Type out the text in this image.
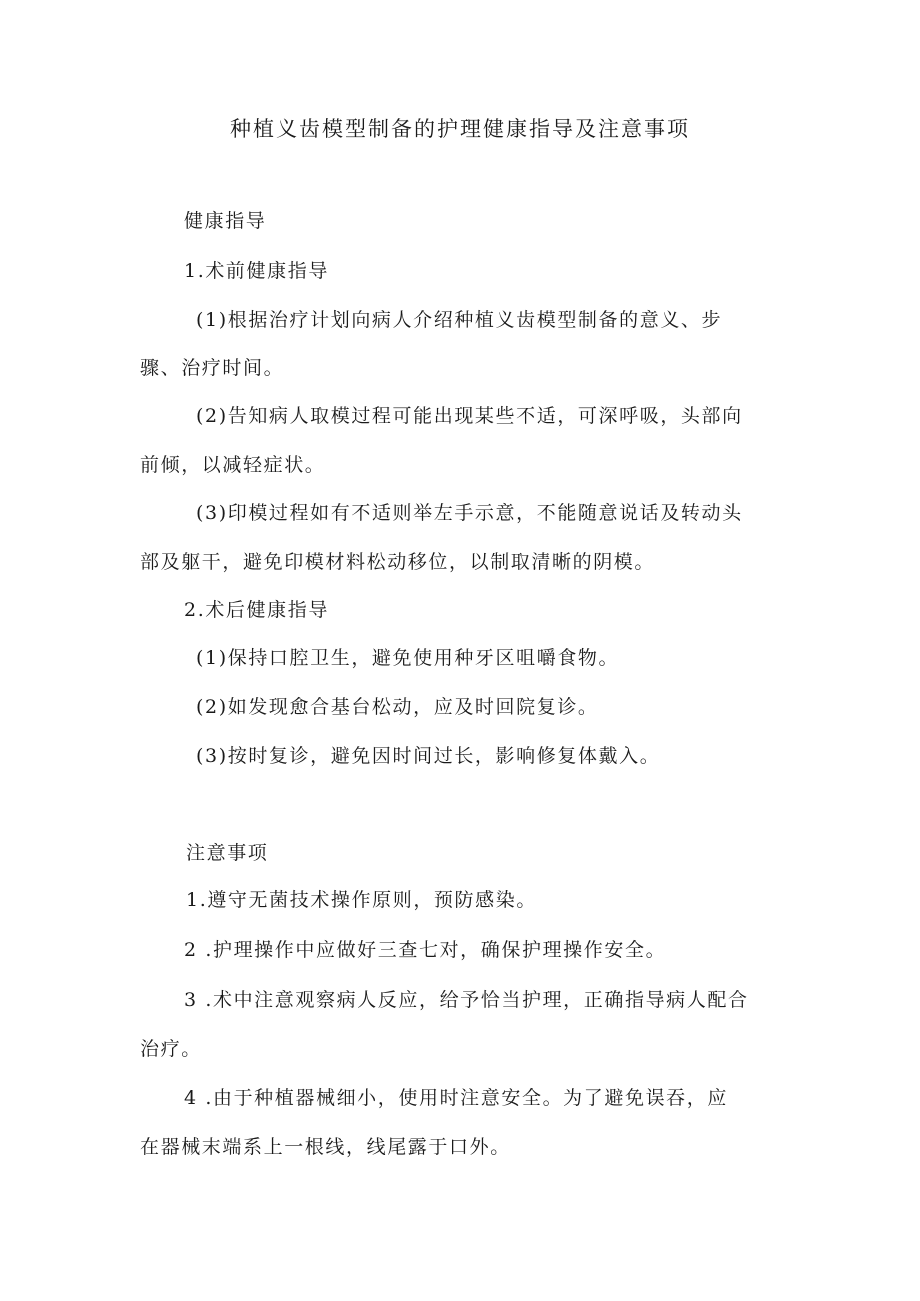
种植义齿模型制备的护理健康指导及注意事项

健康指导

1.术前健康指导

(1)根据治疗计划向病人介绍种植义齿模型制备的意义、步

骤、治疗时间。

(2)告知病人取模过程可能出现某些不适，可深呼吸，头部向

前倾，以减轻症状。

(3)印模过程如有不适则举左手示意，不能随意说话及转动头

部及躯干，避免印模材料松动移位，以制取清晰的阴模。

2.术后健康指导

(1)保持口腔卫生，避免使用种牙区咀嚼食物。

(2)如发现愈合基台松动，应及时回院复诊。

(3)按时复诊，避免因时间过长，影响修复体戴入。

注意事项

1.遵守无菌技术操作原则，预防感染。

2 .护理操作中应做好三查七对，确保护理操作安全。

3 .术中注意观察病人反应，给予恰当护理，正确指导病人配合

治疗。

4 .由于种植器械细小，使用时注意安全。为了避免误吞，应

在器械末端系上一根线，线尾露于口外。
